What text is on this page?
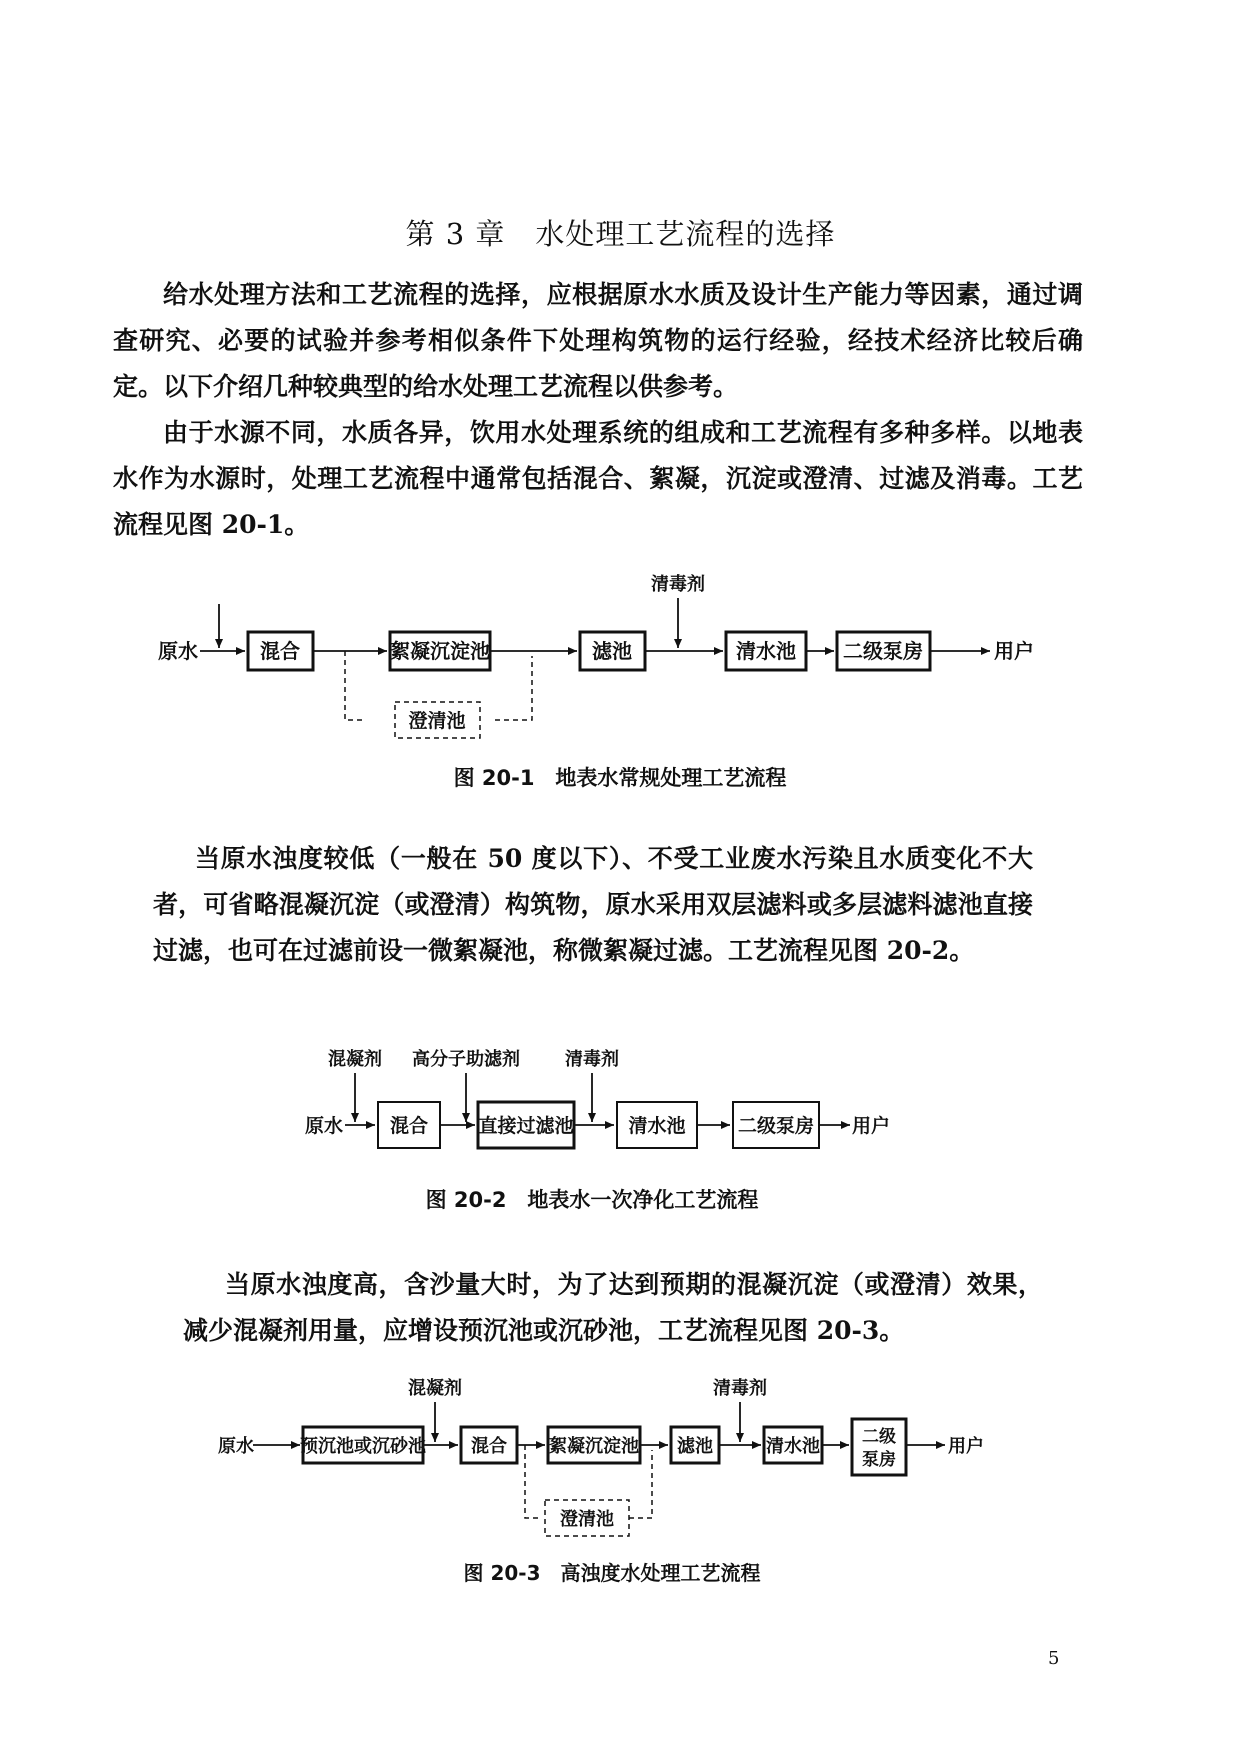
第 3 章　水处理工艺流程的选择
给水处理方法和工艺流程的选择，应根据原水水质及设计生产能力等因素，通过调查研究、必要的试验并参考相似条件下处理构筑物的运行经验，经技术经济比较后确定。以下介绍几种较典型的给水处理工艺流程以供参考。
由于水源不同，水质各异，饮用水处理系统的组成和工艺流程有多种多样。以地表水作为水源时，处理工艺流程中通常包括混合、絮凝，沉淀或澄清、过滤及消毒。工艺流程见图 20-1。
原水	混合	絮凝沉淀池	滤池
清毒剂
清水池 二级泵房	用户
澄清池
图 20-1　地表水常规处理工艺流程
当原水浊度较低（一般在 50 度以下）、不受工业废水污染且水质变化不大者，可省略混凝沉淀（或澄清）构筑物，原水采用双层滤料或多层滤料滤池直接过滤，也可在过滤前设一微絮凝池，称微絮凝过滤。工艺流程见图 20-2。
混凝剂 高分子助滤剂	清毒剂
原水 混合	直接过滤池	清水池	二级泵房 用户
图 20-2　地表水一次净化工艺流程
当原水浊度高，含沙量大时，为了达到预期的混凝沉淀（或澄清）效果，减少混凝剂用量，应增设预沉池或沉砂池，工艺流程见图 20-3。
混凝剂	清毒剂
原水	预沉池或沉砂池	混合 絮凝沉淀池 滤池	清水池 二级
泵房
用户
澄清池
图 20-3　高浊度水处理工艺流程
5
